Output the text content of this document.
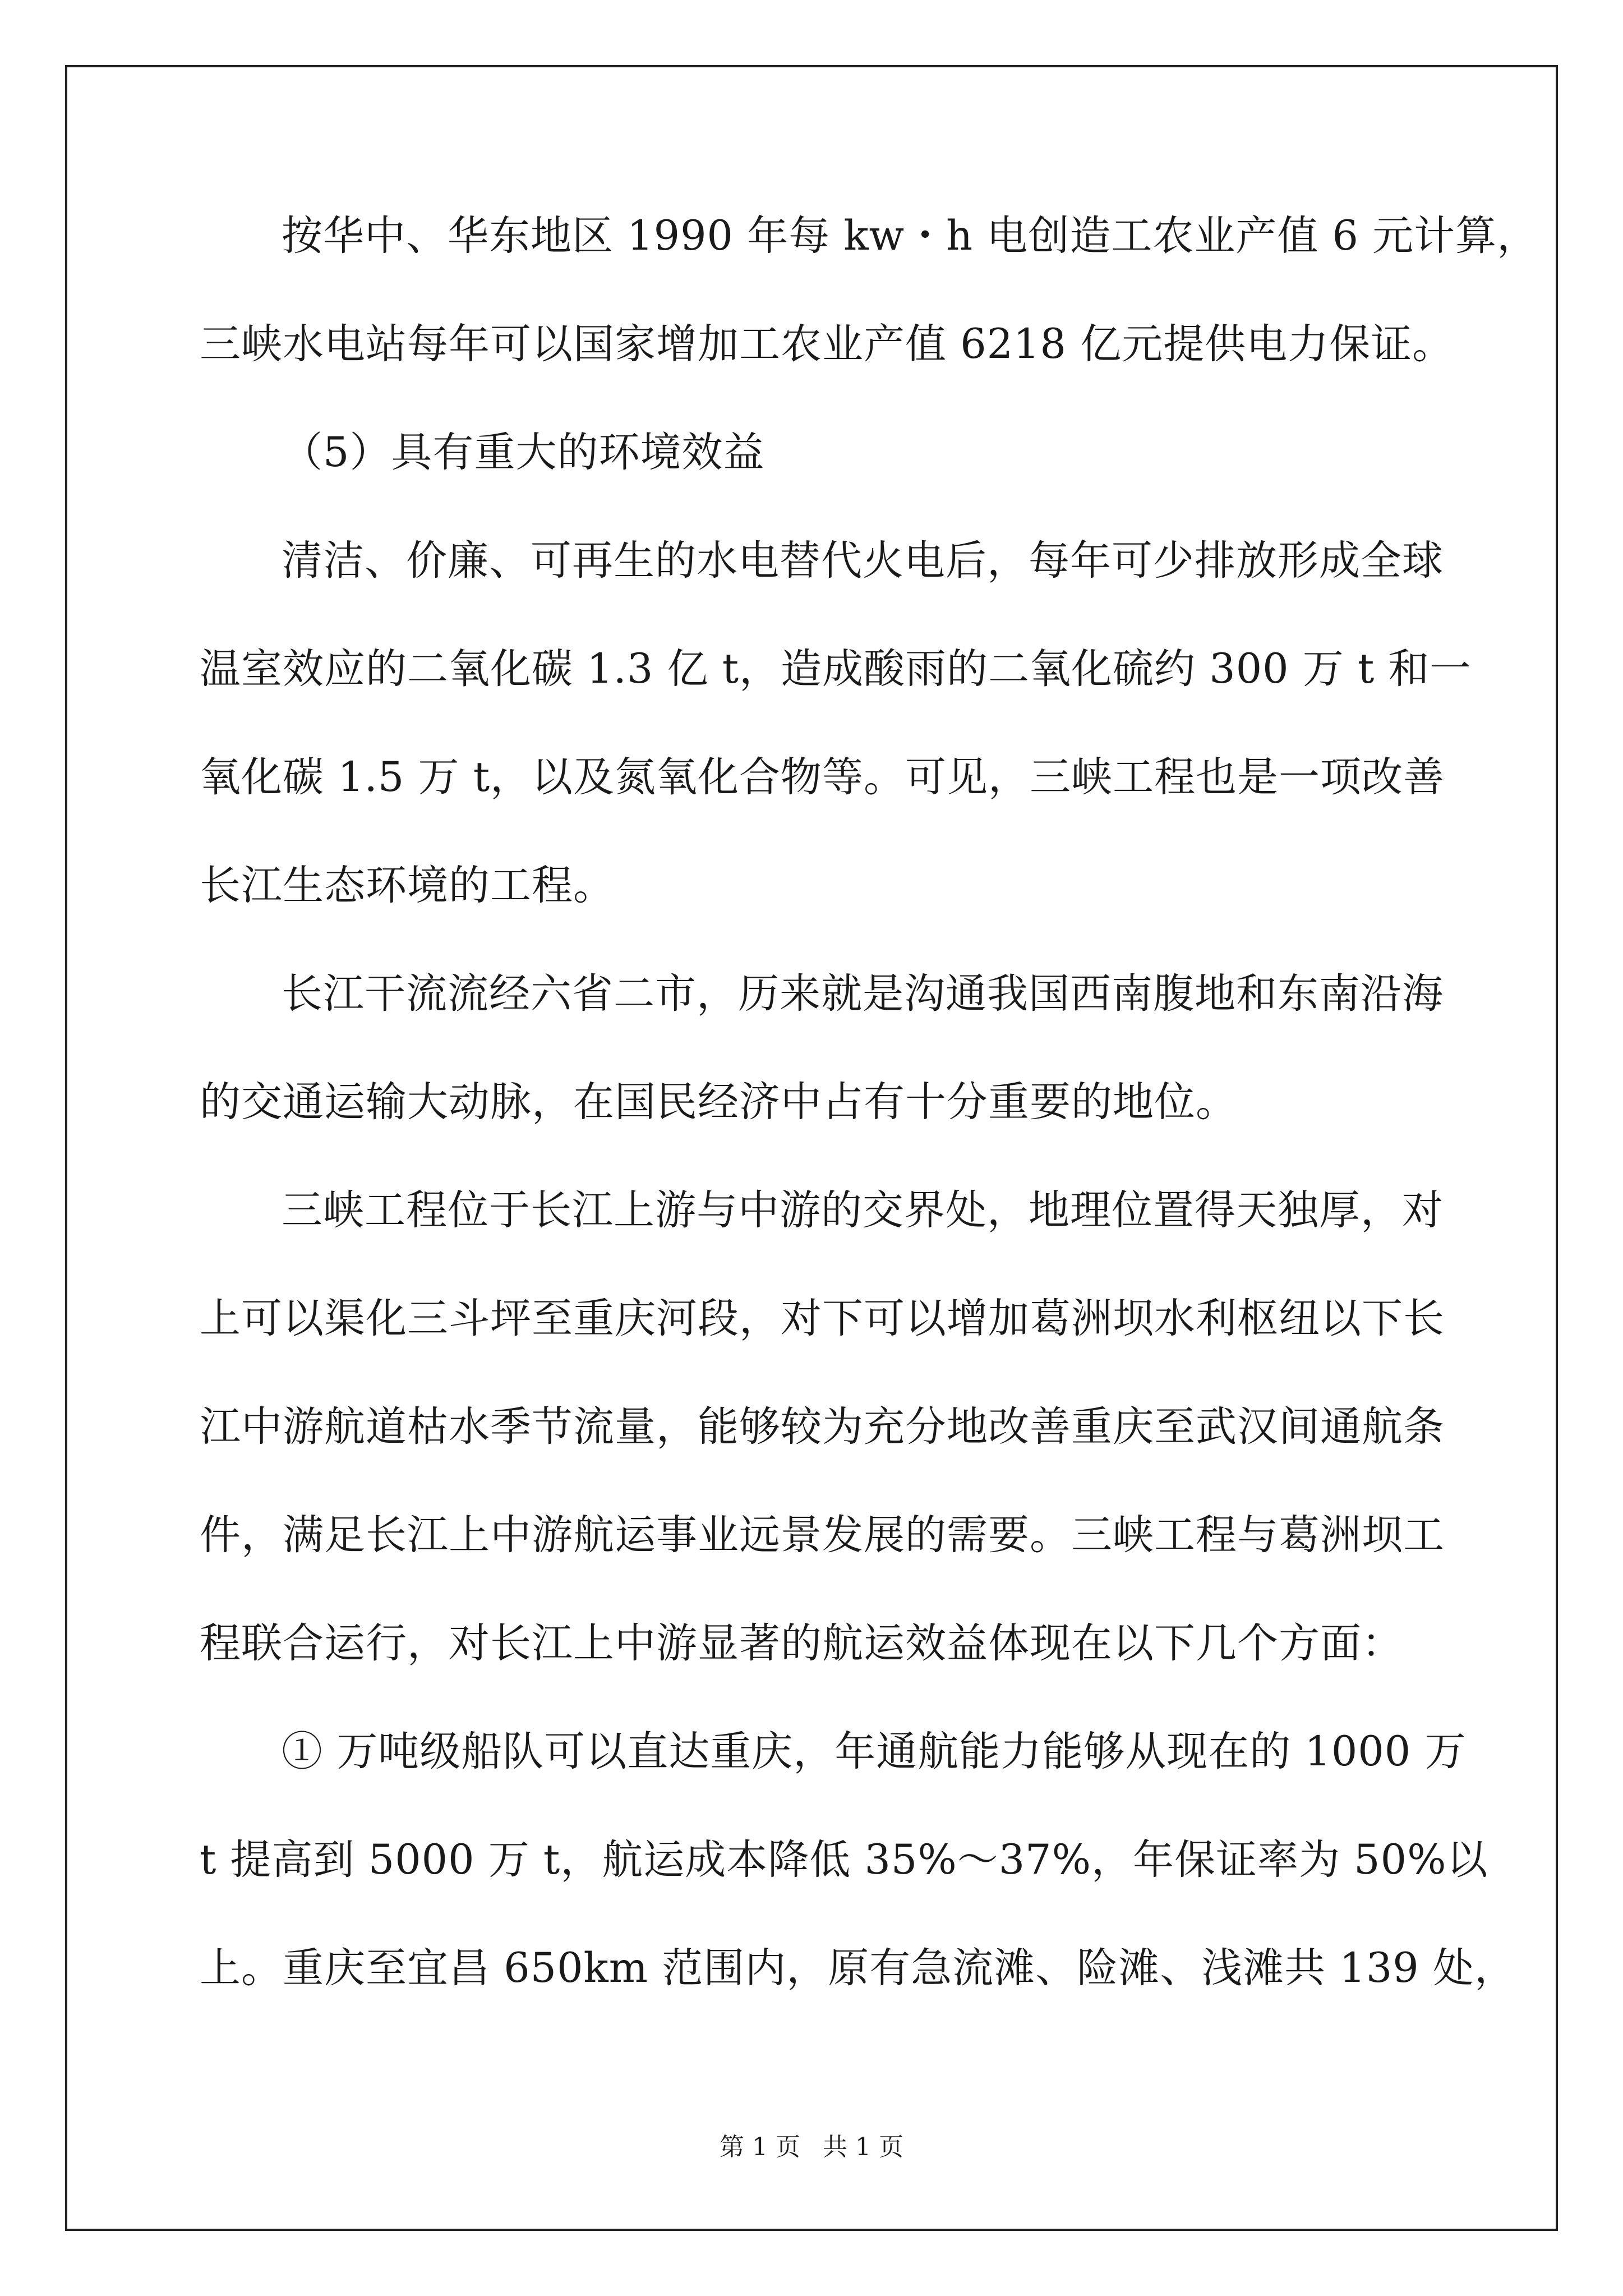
按华中、华东地区 1990 年每 kw・h 电创造工农业产值 6 元计算，
三峡水电站每年可以国家增加工农业产值 6218 亿元提供电力保证。
（5）具有重大的环境效益
清洁、价廉、可再生的水电替代火电后，每年可少排放形成全球
温室效应的二氧化碳 1.3 亿 t，造成酸雨的二氧化硫约 300 万 t 和一
氧化碳 1.5 万 t，以及氮氧化合物等。可见，三峡工程也是一项改善
长江生态环境的工程。
长江干流流经六省二市，历来就是沟通我国西南腹地和东南沿海
的交通运输大动脉，在国民经济中占有十分重要的地位。
三峡工程位于长江上游与中游的交界处，地理位置得天独厚，对
上可以渠化三斗坪至重庆河段，对下可以增加葛洲坝水利枢纽以下长
江中游航道枯水季节流量，能够较为充分地改善重庆至武汉间通航条
件，满足长江上中游航运事业远景发展的需要。三峡工程与葛洲坝工
程联合运行，对长江上中游显著的航运效益体现在以下几个方面：
① 万吨级船队可以直达重庆，年通航能力能够从现在的 1000 万
t 提高到 5000 万 t，航运成本降低 35%～37%，年保证率为 50%以
上。重庆至宜昌 650km 范围内，原有急流滩、险滩、浅滩共 139 处，
第 1 页 共 1 页
